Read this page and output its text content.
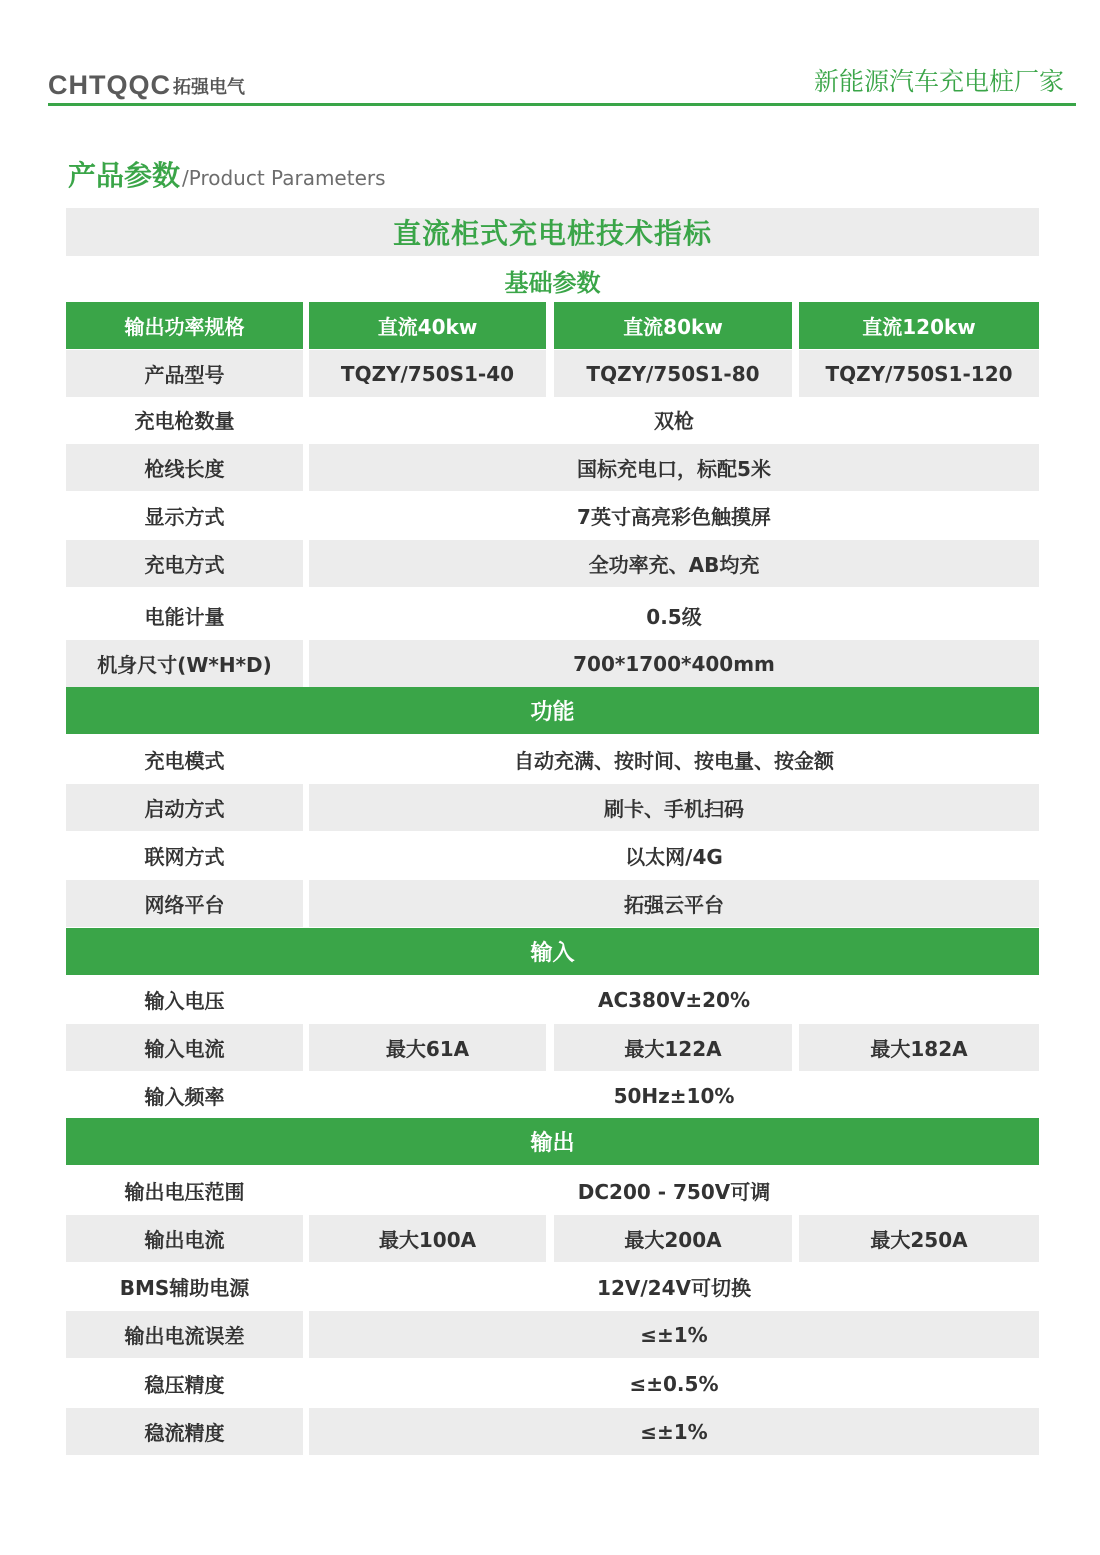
CHTQQC 拓强电气	新能源汽车充电桩厂家
产品参数 /Product Parameters
直流柜式充电桩技术指标
基础参数
输出功率规格	直流40kw	直流80kw	直流120kw
产品型号	TQZY/750S1-40	TQZY/750S1-80	TQZY/750S1-120
充电枪数量	双枪
枪线长度	国标充电口，标配5米
显示方式	7英寸高亮彩色触摸屏
充电方式	全功率充、AB均充
电能计量	0.5级
机身尺寸(W*H*D)	700*1700*400mm
功能
充电模式	自动充满、按时间、按电量、按金额
启动方式	刷卡、手机扫码
联网方式	以太网/4G
网络平台	拓强云平台
输入
输入电压	AC380V±20%
输入电流	最大61A	最大122A	最大182A
输入频率	50Hz±10%
输出
输出电压范围	DC200 - 750V可调
输出电流	最大100A	最大200A	最大250A
BMS辅助电源	12V/24V可切换
输出电流误差	≤±1%
稳压精度	≤±0.5%
稳流精度	≤±1%
